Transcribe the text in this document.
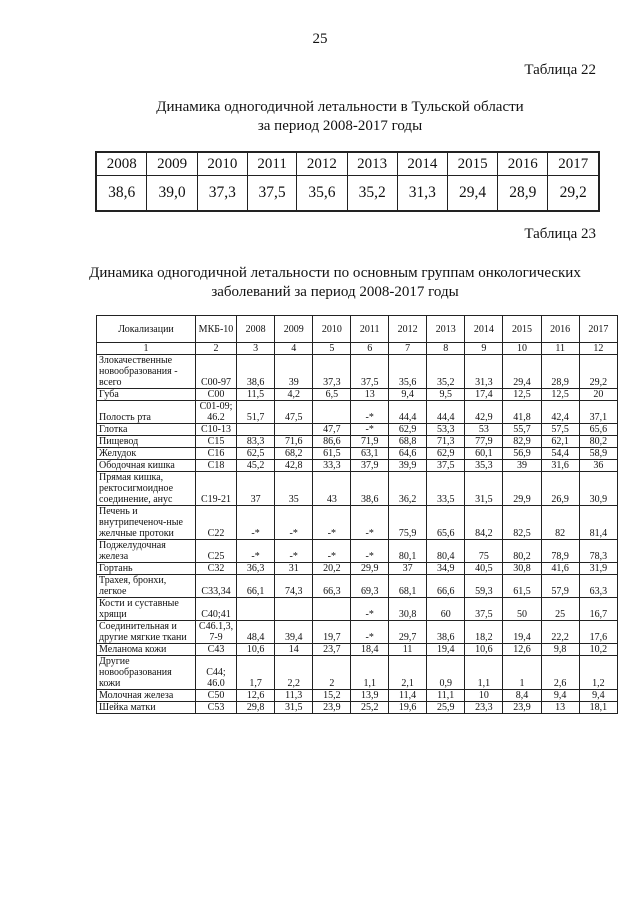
25
Таблица 22
Динамика одногодичной летальности в Тульской области
за период 2008-2017 годы
2008	2009	2010	2011	2012	2013	2014	2015	2016	2017
38,6	39,0	37,3	37,5	35,6	35,2	31,3	29,4	28,9	29,2
Таблица 23
Динамика одногодичной летальности по основным группам онкологических
заболеваний за период 2008-2017 годы
Локализации	МКБ-10	2008	2009	2010	2011	2012	2013	2014	2015	2016	2017
1	2	3	4	5	6	7	8	9	10	11	12
Злокачественные новообразования - всего	C00-97	38,6	39	37,3	37,5	35,6	35,2	31,3	29,4	28,9	29,2
Губа	C00	11,5	4,2	6,5	13	9,4	9,5	17,4	12,5	12,5	20
Полость рта	C01-09; 46.2	51,7	47,5		-*	44,4	44,4	42,9	41,8	42,4	37,1
Глотка	C10-13			47,7	-*	62,9	53,3	53	55,7	57,5	65,6
Пищевод	C15	83,3	71,6	86,6	71,9	68,8	71,3	77,9	82,9	62,1	80,2
Желудок	C16	62,5	68,2	61,5	63,1	64,6	62,9	60,1	56,9	54,4	58,9
Ободочная кишка	C18	45,2	42,8	33,3	37,9	39,9	37,5	35,3	39	31,6	36
Прямая кишка, ректосигмоидное соединение, анус	C19-21	37	35	43	38,6	36,2	33,5	31,5	29,9	26,9	30,9
Печень и внутрипеченоч-ные желчные протоки	C22	-*	-*	-*	-*	75,9	65,6	84,2	82,5	82	81,4
Поджелудочная железа	C25	-*	-*	-*	-*	80,1	80,4	75	80,2	78,9	78,3
Гортань	C32	36,3	31	20,2	29,9	37	34,9	40,5	30,8	41,6	31,9
Трахея, бронхи, легкое	C33,34	66,1	74,3	66,3	69,3	68,1	66,6	59,3	61,5	57,9	63,3
Кости и суставные хрящи	C40;41				-*	30,8	60	37,5	50	25	16,7
Соединительная и другие мягкие ткани	C46.1,3, 7-9	48,4	39,4	19,7	-*	29,7	38,6	18,2	19,4	22,2	17,6
Меланома кожи	C43	10,6	14	23,7	18,4	11	19,4	10,6	12,6	9,8	10,2
Другие новообразования кожи	C44; 46.0	1,7	2,2	2	1,1	2,1	0,9	1,1	1	2,6	1,2
Молочная железа	C50	12,6	11,3	15,2	13,9	11,4	11,1	10	8,4	9,4	9,4
Шейка матки	C53	29,8	31,5	23,9	25,2	19,6	25,9	23,3	23,9	13	18,1
